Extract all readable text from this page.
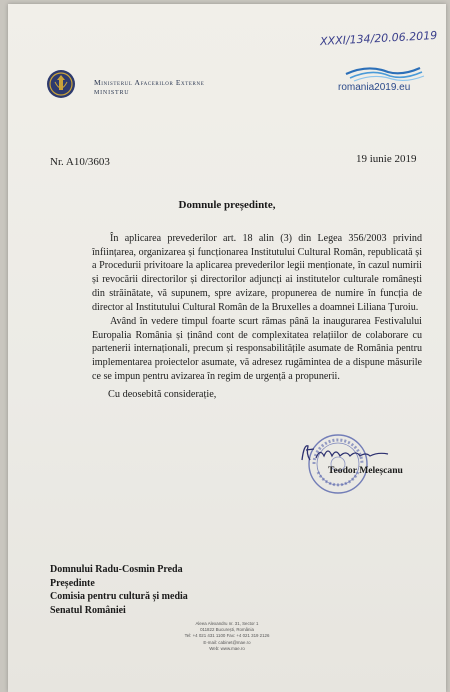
Ministerul Afacerilor Externe
MINISTRU
XXXI/134/20.06.2019
romania2019.eu
Nr. A10/3603	19 iunie 2019
Domnule președinte,

În aplicarea prevederilor art. 18 alin (3) din Legea 356/2003 privind înființarea, organizarea și funcționarea Institutului Cultural Român, republicată și a Procedurii privitoare la aplicarea prevederilor legii menționate, în cazul numirii și revocării directorilor și directorilor adjuncți ai institutelor culturale românești din străinătate, vă supunem, spre avizare, propunerea de numire în funcția de director al Institutului Cultural Român de la Bruxelles a doamnei Liliana Țuroiu.

Având în vedere timpul foarte scurt rămas până la inaugurarea Festivalului Europalia România și ținând cont de complexitatea relațiilor de colaborare cu partenerii internaționali, precum și responsabilitățile asumate de România pentru implementarea proiectelor asumate, vă adresez rugămintea de a dispune măsurile ce se impun pentru avizarea în regim de urgență a propunerii.

Cu deosebită considerație,
Teodor Meleșcanu
Domnului Radu-Cosmin Preda
Președinte
Comisia pentru cultură și media
Senatul României
Aleea Alexandru nr. 31, Sector 1
011822 București, România
Tel: +4 021 431 1100 Fax: +4 021 319 2126
E-mail: cabinet@mae.ro
Web: www.mae.ro
